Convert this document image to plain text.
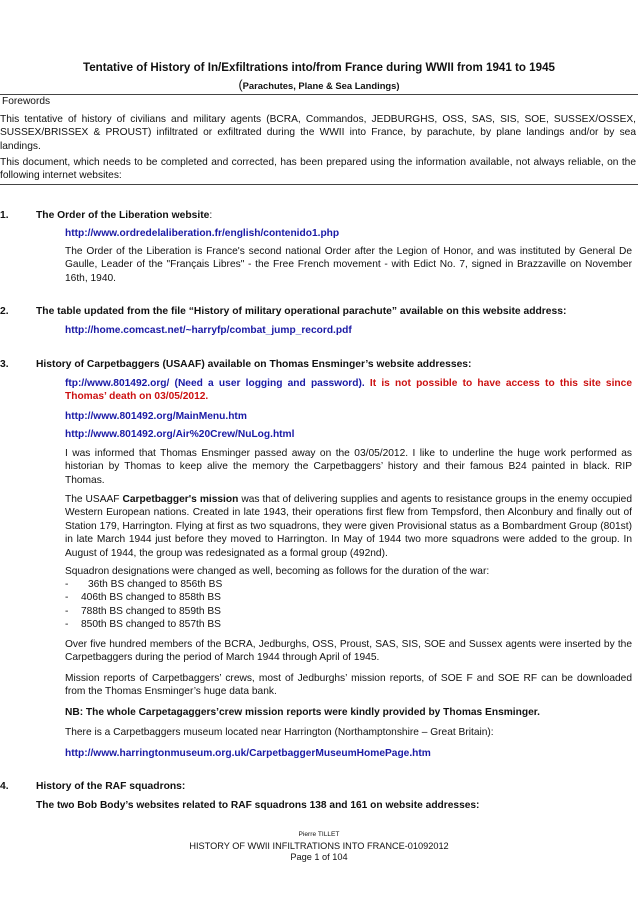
Tentative of History of In/Exfiltrations into/from France during WWII from 1941 to 1945
(Parachutes, Plane & Sea Landings)
Forewords
This tentative of history of civilians and military agents (BCRA, Commandos, JEDBURGHS, OSS, SAS, SIS, SOE, SUSSEX/OSSEX, SUSSEX/BRISSEX & PROUST) infiltrated or exfiltrated during the WWII into France, by parachute, by plane landings and/or by sea landings.
This document, which needs to be completed and corrected, has been prepared using the information available, not always reliable, on the following internet websites:
1.	The Order of the Liberation website:
http://www.ordredelaliberation.fr/english/contenido1.php
The Order of the Liberation is France's second national Order after the Legion of Honor, and was instituted by General De Gaulle, Leader of the "Français Libres" - the Free French movement - with Edict No. 7, signed in Brazzaville on November 16th, 1940.
2.	The table updated from the file “History of military operational parachute” available on this website address:
http://home.comcast.net/~harryfp/combat_jump_record.pdf
3.	History of Carpetbaggers (USAAF) available on Thomas Ensminger’s website addresses:
ftp://www.801492.org/ (Need a user logging and password). It is not possible to have access to this site since Thomas’ death on 03/05/2012.
http://www.801492.org/MainMenu.htm
http://www.801492.org/Air%20Crew/NuLog.html
I was informed that Thomas Ensminger passed away on the 03/05/2012. I like to underline the huge work performed as historian by Thomas to keep alive the memory the Carpetbaggers’ history and their famous B24 painted in black. RIP Thomas.
The USAAF Carpetbagger's mission was that of delivering supplies and agents to resistance groups in the enemy occupied Western European nations. Created in late 1943, their operations first flew from Tempsford, then Alconbury and finally out of Station 179, Harrington. Flying at first as two squadrons, they were given Provisional status as a Bombardment Group (801st) in late March 1944 just before they moved to Harrington. In May of 1944 two more squadrons were added to the group. In August of 1944, the group was redesignated as a formal group (492nd).
Squadron designations were changed as well, becoming as follows for the duration of the war:
-	36th BS changed to 856th BS
-	406th BS changed to 858th BS
-	788th BS changed to 859th BS
-	850th BS changed to 857th BS
Over five hundred members of the BCRA, Jedburghs, OSS, Proust, SAS, SIS, SOE and Sussex agents were inserted by the Carpetbaggers during the period of March 1944 through April of 1945.
Mission reports of Carpetbaggers’ crews, most of Jedburghs’ mission reports, of SOE F and SOE RF can be downloaded from the Thomas Ensminger’s huge data bank.
NB: The whole Carpetagaggers’crew mission reports were kindly provided by Thomas Ensminger.
There is a Carpetbaggers museum located near Harrington (Northamptonshire – Great Britain):
http://www.harringtonmuseum.org.uk/CarpetbaggerMuseumHomePage.htm
4.	History of the RAF squadrons:
The two Bob Body’s websites related to RAF squadrons 138 and 161 on website addresses:
Pierre TILLET
HISTORY OF WWII INFILTRATIONS INTO FRANCE-01092012
Page 1 of 104
